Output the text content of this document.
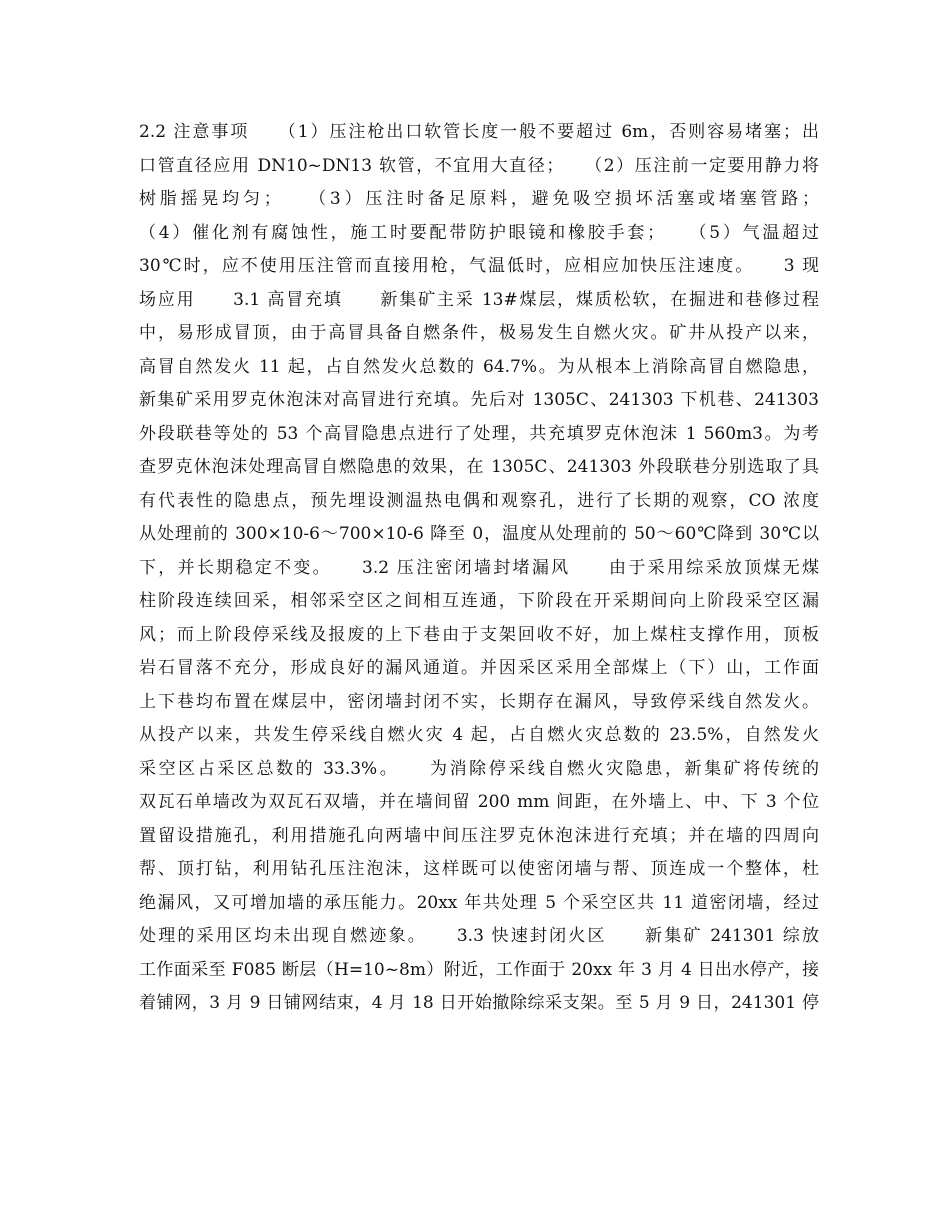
2.2 注意事项　　（1）压注枪出口软管长度一般不要超过 6m，否则容易堵塞；出
口管直径应用 DN10~DN13 软管，不宜用大直径；　　（2）压注前一定要用静力将
树脂摇晃均匀；　　（3）压注时备足原料，避免吸空损坏活塞或堵塞管路；
（4）催化剂有腐蚀性，施工时要配带防护眼镜和橡胶手套；　　（5）气温超过
30℃时，应不使用压注管而直接用枪，气温低时，应相应加快压注速度。　　3 现
场应用　　3.1 高冒充填　　新集矿主采 13#煤层，煤质松软，在掘进和巷修过程
中，易形成冒顶，由于高冒具备自燃条件，极易发生自燃火灾。矿井从投产以来，
高冒自然发火 11 起，占自然发火总数的 64.7%。为从根本上消除高冒自燃隐患，
新集矿采用罗克休泡沫对高冒进行充填。先后对 1305C、241303 下机巷、241303
外段联巷等处的 53 个高冒隐患点进行了处理，共充填罗克休泡沫 1 560m3。为考
查罗克休泡沫处理高冒自燃隐患的效果，在 1305C、241303 外段联巷分别选取了具
有代表性的隐患点，预先埋设测温热电偶和观察孔，进行了长期的观察，CO 浓度
从处理前的 300×10-6～700×10-6 降至 0，温度从处理前的 50～60℃降到 30℃以
下，并长期稳定不变。　　3.2 压注密闭墙封堵漏风　　由于采用综采放顶煤无煤
柱阶段连续回采，相邻采空区之间相互连通，下阶段在开采期间向上阶段采空区漏
风；而上阶段停采线及报废的上下巷由于支架回收不好，加上煤柱支撑作用，顶板
岩石冒落不充分，形成良好的漏风通道。并因采区采用全部煤上（下）山，工作面
上下巷均布置在煤层中，密闭墙封闭不实，长期存在漏风，导致停采线自然发火。
从投产以来，共发生停采线自燃火灾 4 起，占自燃火灾总数的 23.5%，自然发火
采空区占采区总数的 33.3%。　　为消除停采线自燃火灾隐患，新集矿将传统的
双瓦石单墙改为双瓦石双墙，并在墙间留 200 mm 间距，在外墙上、中、下 3 个位
置留设措施孔，利用措施孔向两墙中间压注罗克休泡沫进行充填；并在墙的四周向
帮、顶打钻，利用钻孔压注泡沫，这样既可以使密闭墙与帮、顶连成一个整体，杜
绝漏风，又可增加墙的承压能力。20xx 年共处理 5 个采空区共 11 道密闭墙，经过
处理的采用区均未出现自燃迹象。　　3.3 快速封闭火区　　新集矿 241301 综放
工作面采至 F085 断层（H=10~8m）附近，工作面于 20xx 年 3 月 4 日出水停产，接
着铺网，3 月 9 日铺网结束，4 月 18 日开始撤除综采支架。至 5 月 9 日，241301 停
